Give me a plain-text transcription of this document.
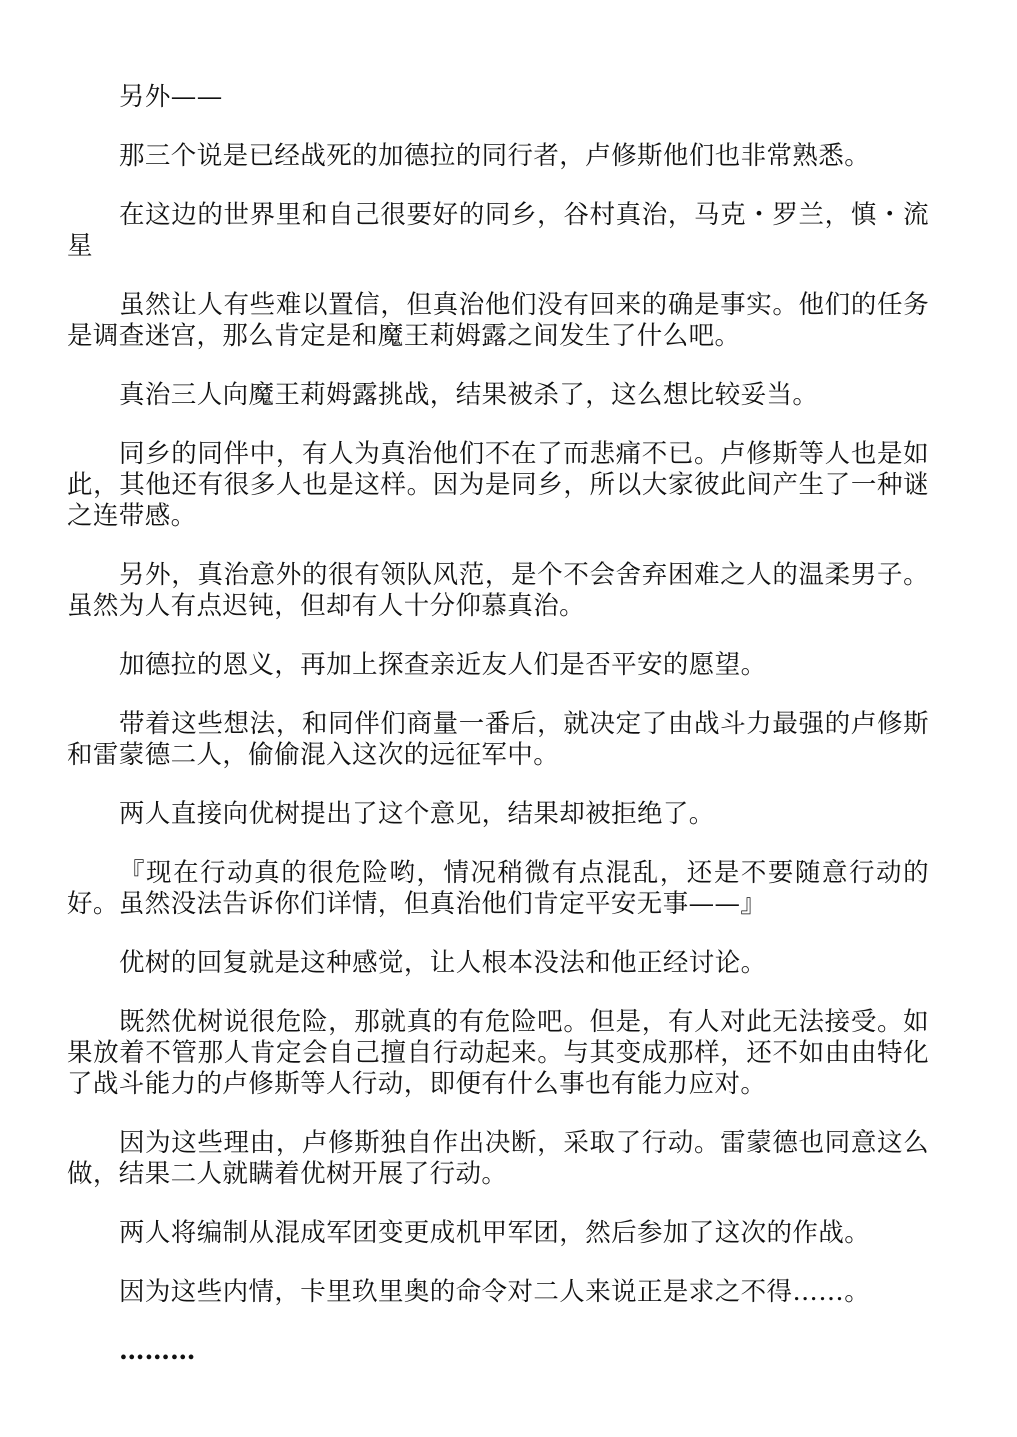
另外——

那三个说是已经战死的加德拉的同行者，卢修斯他们也非常熟悉。

在这边的世界里和自己很要好的同乡，谷村真治，马克・罗兰，慎・流星

虽然让人有些难以置信，但真治他们没有回来的确是事实。他们的任务是调查迷宫，那么肯定是和魔王莉姆露之间发生了什么吧。

真治三人向魔王莉姆露挑战，结果被杀了，这么想比较妥当。

同乡的同伴中，有人为真治他们不在了而悲痛不已。卢修斯等人也是如此，其他还有很多人也是这样。因为是同乡，所以大家彼此间产生了一种谜之连带感。

另外，真治意外的很有领队风范，是个不会舍弃困难之人的温柔男子。虽然为人有点迟钝，但却有人十分仰慕真治。

加德拉的恩义，再加上探查亲近友人们是否平安的愿望。

带着这些想法，和同伴们商量一番后，就决定了由战斗力最强的卢修斯和雷蒙德二人，偷偷混入这次的远征军中。

两人直接向优树提出了这个意见，结果却被拒绝了。

『现在行动真的很危险哟，情况稍微有点混乱，还是不要随意行动的好。虽然没法告诉你们详情，但真治他们肯定平安无事——』

优树的回复就是这种感觉，让人根本没法和他正经讨论。

既然优树说很危险，那就真的有危险吧。但是，有人对此无法接受。如果放着不管那人肯定会自己擅自行动起来。与其变成那样，还不如由由特化了战斗能力的卢修斯等人行动，即便有什么事也有能力应对。

因为这些理由，卢修斯独自作出决断，采取了行动。雷蒙德也同意这么做，结果二人就瞒着优树开展了行动。

两人将编制从混成军团变更成机甲军团，然后参加了这次的作战。

因为这些内情，卡里玖里奥的命令对二人来说正是求之不得……。

………
